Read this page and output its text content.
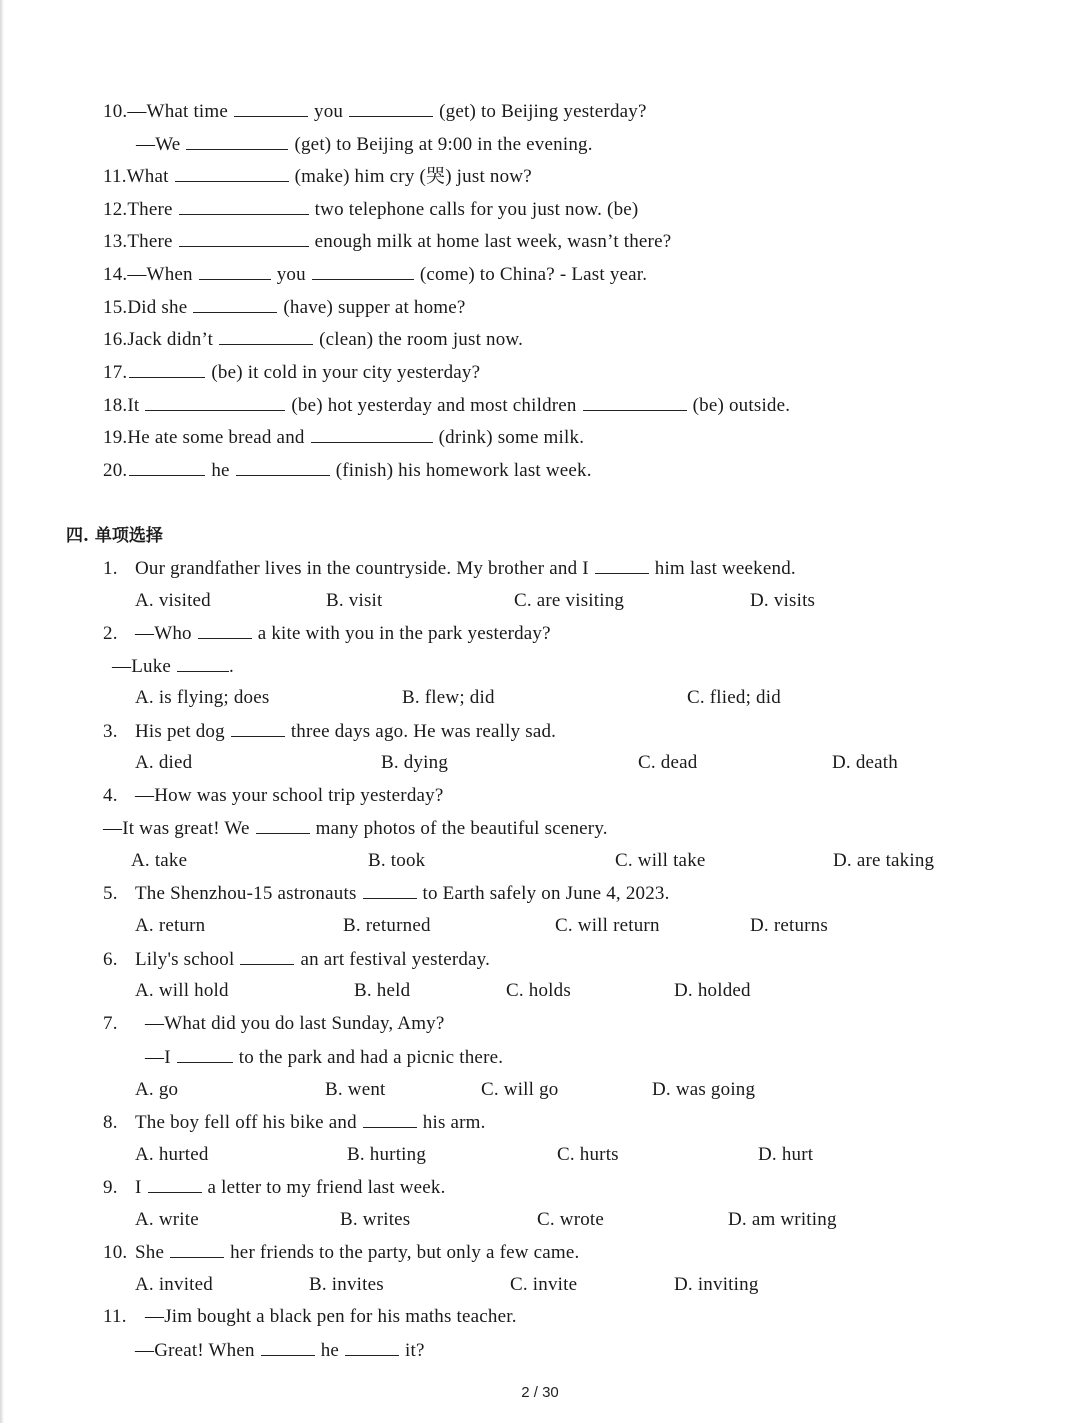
10.—What time	you	(get) to Beijing yesterday?
—We	(get) to Beijing at 9:00 in the evening.
11.What	(make) him cry (哭) just now?
12.There	two telephone calls for you just now. (be)
13.There	enough milk at home last week, wasn’t there?
14.—When	you	(come) to China? - Last year.
15.Did she	(have) supper at home?
16.Jack didn’t	(clean) the room just now.
17.	(be) it cold in your city yesterday?
18.It	(be) hot yesterday and most children	(be) outside.
19.He ate some bread and	(drink) some milk.
20.	he	(finish) his homework last week.
四. 单项选择
1. Our grandfather lives in the countryside. My brother and I	him last weekend.
A. visited	B. visit	C. are visiting	D. visits
2. —Who	a kite with you in the park yesterday?
—Luke	.
A. is flying; does	B. flew; did	C. flied; did
3. His pet dog	three days ago. He was really sad.
A. died	B. dying	C. dead	D. death
4. —How was your school trip yesterday?
—It was great! We	many photos of the beautiful scenery.
A. take	B. took	C. will take	D. are taking
5. The Shenzhou-15 astronauts	to Earth safely on June 4, 2023.
A. return	B. returned	C. will return	D. returns
6. Lily's school	an art festival yesterday.
A. will hold	B. held	C. holds	D. holded
7. —What did you do last Sunday, Amy?
—I	to the park and had a picnic there.
A. go	B. went	C. will go	D. was going
8. The boy fell off his bike and	his arm.
A. hurted	B. hurting	C. hurts	D. hurt
9. I	a letter to my friend last week.
A. write	B. writes	C. wrote	D. am writing
10. She	her friends to the party, but only a few came.
A. invited	B. invites	C. invite	D. inviting
11. —Jim bought a black pen for his maths teacher.
—Great! When	he	it?
2 / 30
